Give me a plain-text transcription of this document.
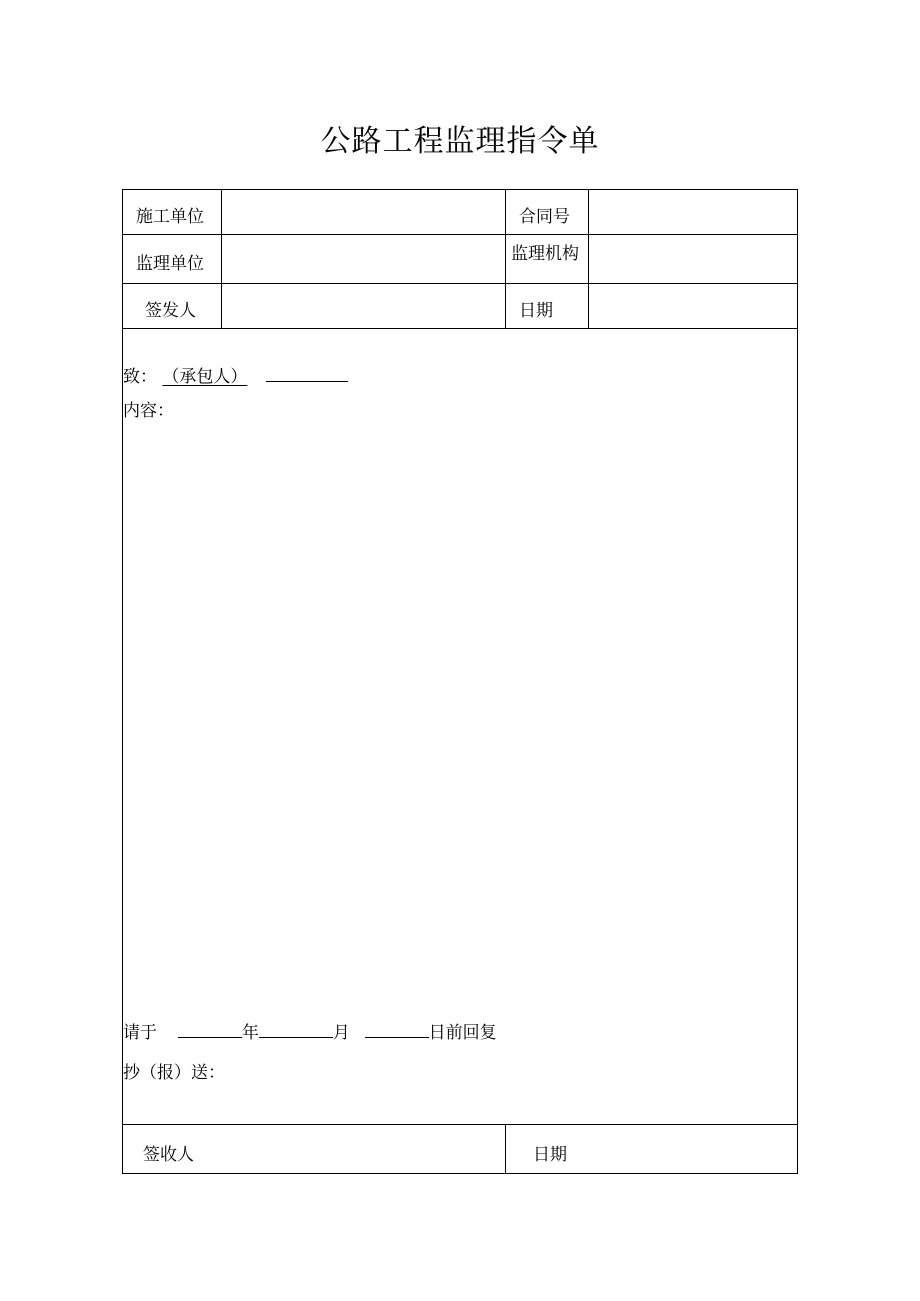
公路工程监理指令单
施工单位	合同号
监理单位	监理机构
签发人	日期
致： （承包人）
内容：
请于	年	月	日前回复
抄（报）送：
签收人	日期
